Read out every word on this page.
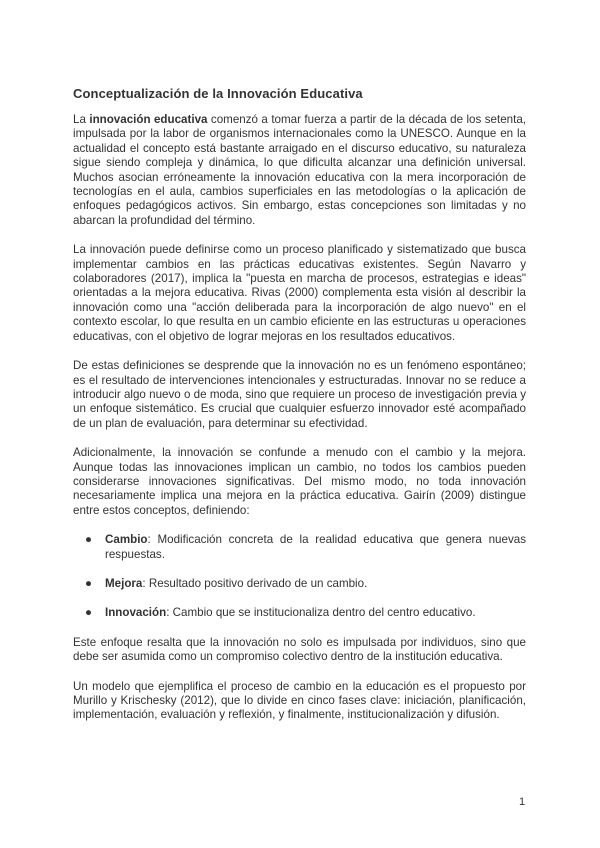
Conceptualización de la Innovación Educativa

La innovación educativa comenzó a tomar fuerza a partir de la década de los setenta, impulsada por la labor de organismos internacionales como la UNESCO. Aunque en la actualidad el concepto está bastante arraigado en el discurso educativo, su naturaleza sigue siendo compleja y dinámica, lo que dificulta alcanzar una definición universal. Muchos asocian erróneamente la innovación educativa con la mera incorporación de tecnologías en el aula, cambios superficiales en las metodologías o la aplicación de enfoques pedagógicos activos. Sin embargo, estas concepciones son limitadas y no abarcan la profundidad del término.

La innovación puede definirse como un proceso planificado y sistematizado que busca implementar cambios en las prácticas educativas existentes. Según Navarro y colaboradores (2017), implica la "puesta en marcha de procesos, estrategias e ideas" orientadas a la mejora educativa. Rivas (2000) complementa esta visión al describir la innovación como una "acción deliberada para la incorporación de algo nuevo" en el contexto escolar, lo que resulta en un cambio eficiente en las estructuras u operaciones educativas, con el objetivo de lograr mejoras en los resultados educativos.

De estas definiciones se desprende que la innovación no es un fenómeno espontáneo; es el resultado de intervenciones intencionales y estructuradas. Innovar no se reduce a introducir algo nuevo o de moda, sino que requiere un proceso de investigación previa y un enfoque sistemático. Es crucial que cualquier esfuerzo innovador esté acompañado de un plan de evaluación, para determinar su efectividad.

Adicionalmente, la innovación se confunde a menudo con el cambio y la mejora. Aunque todas las innovaciones implican un cambio, no todos los cambios pueden considerarse innovaciones significativas. Del mismo modo, no toda innovación necesariamente implica una mejora en la práctica educativa. Gairín (2009) distingue entre estos conceptos, definiendo:

● Cambio: Modificación concreta de la realidad educativa que genera nuevas respuestas.
● Mejora: Resultado positivo derivado de un cambio.
● Innovación: Cambio que se institucionaliza dentro del centro educativo.

Este enfoque resalta que la innovación no solo es impulsada por individuos, sino que debe ser asumida como un compromiso colectivo dentro de la institución educativa.

Un modelo que ejemplifica el proceso de cambio en la educación es el propuesto por Murillo y Krischesky (2012), que lo divide en cinco fases clave: iniciación, planificación, implementación, evaluación y reflexión, y finalmente, institucionalización y difusión.

1
